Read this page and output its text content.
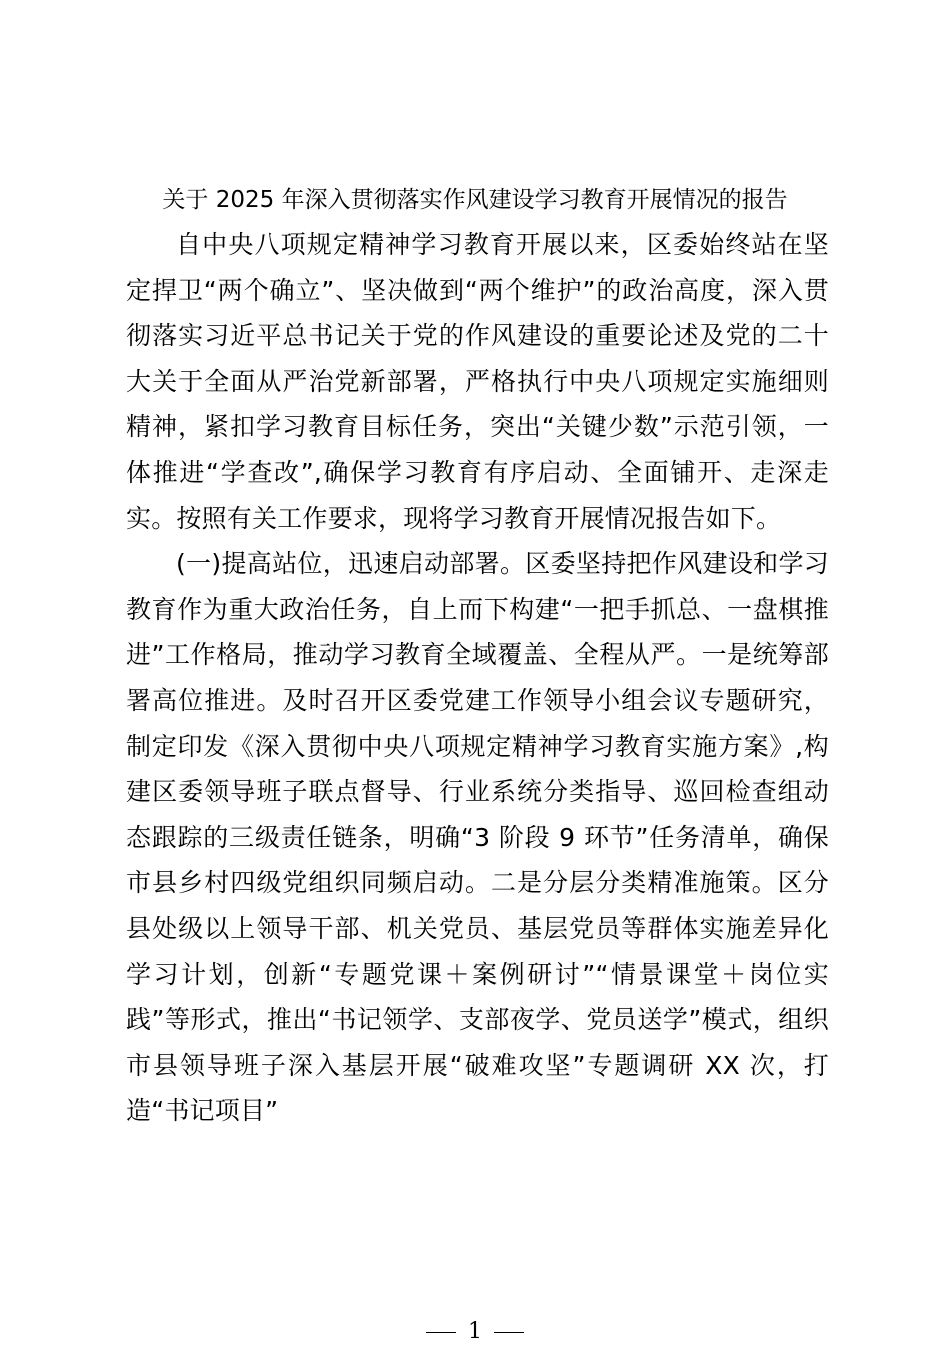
关于 2025 年深入贯彻落实作风建设学习教育开展情况的报告

自中央八项规定精神学习教育开展以来，区委始终站在坚定捍卫“两个确立”、坚决做到“两个维护”的政治高度，深入贯彻落实习近平总书记关于党的作风建设的重要论述及党的二十大关于全面从严治党新部署，严格执行中央八项规定实施细则精神，紧扣学习教育目标任务，突出“关键少数”示范引领，一体推进“学查改”,确保学习教育有序启动、全面铺开、走深走实。按照有关工作要求，现将学习教育开展情况报告如下。

(一)提高站位，迅速启动部署。区委坚持把作风建设和学习教育作为重大政治任务，自上而下构建“一把手抓总、一盘棋推进”工作格局，推动学习教育全域覆盖、全程从严。一是统筹部署高位推进。及时召开区委党建工作领导小组会议专题研究，制定印发《深入贯彻中央八项规定精神学习教育实施方案》,构建区委领导班子联点督导、行业系统分类指导、巡回检查组动态跟踪的三级责任链条，明确“3 阶段 9 环节”任务清单，确保市县乡村四级党组织同频启动。二是分层分类精准施策。区分县处级以上领导干部、机关党员、基层党员等群体实施差异化学习计划，创新“专题党课＋案例研讨”“情景课堂＋岗位实践”等形式，推出“书记领学、支部夜学、党员送学”模式，组织市县领导班子深入基层开展“破难攻坚”专题调研 XX 次，打造“书记项目”

1
